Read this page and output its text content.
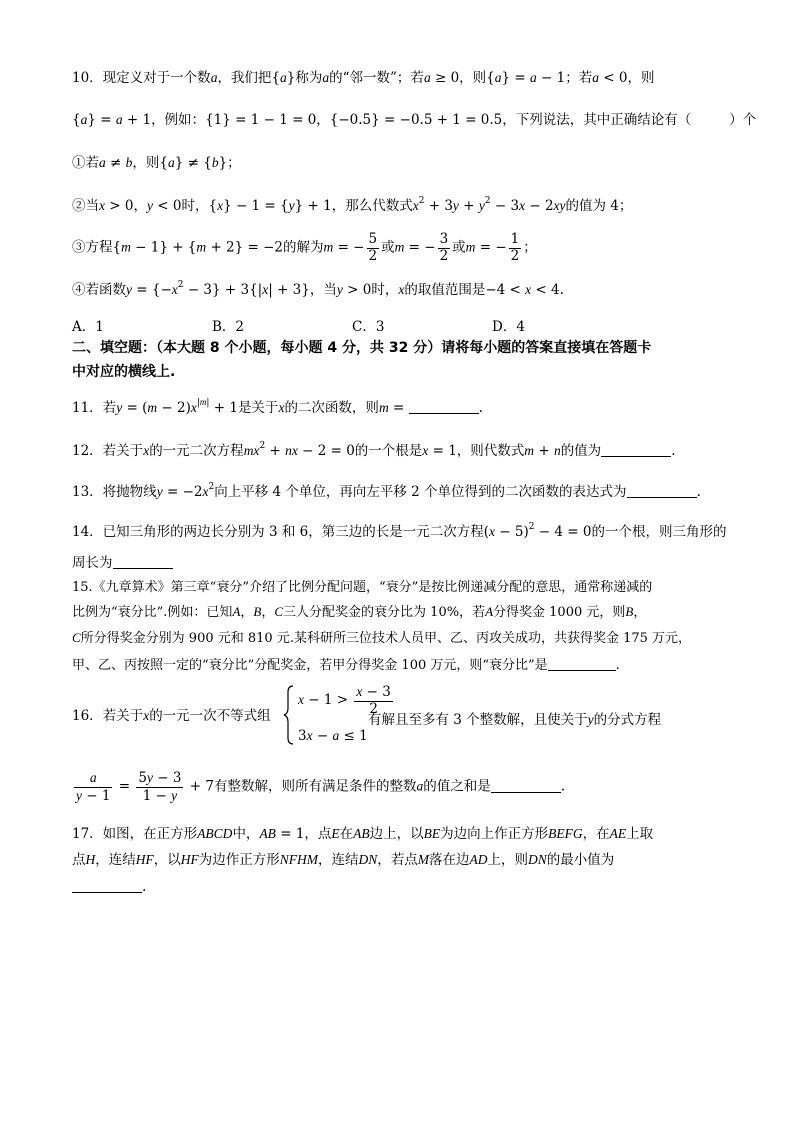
10．现定义对于一个数a，我们把{a}称为a的“邻一数”；若a ≥ 0，则{a} = a − 1；若a < 0，则
{a} = a + 1，例如：{1} = 1 − 1 = 0，{−0.5} = −0.5 + 1 = 0.5，下列说法，其中正确结论有（	）个
①若a ≠ b，则{a} ≠ {b}；
②当x > 0，y < 0时，{x} − 1 = {y} + 1，那么代数式$x^2 + 3y + y^2 - 3x - 2xy$的值为 4；
③方程{m − 1} + {m + 2} = −2的解为m = − $\frac{5}{2}$ 或m = − $\frac{3}{2}$ 或m = − $\frac{1}{2}$ ；
④若函数$y = \{-x^2 - 3\} + 3\{|x| + 3\}$，当y > 0时，x的取值范围是−4 < x < 4.
A．1	B．2	C．3	D．4
二、填空题：（本大题 8 个小题，每小题 4 分，共 32 分）请将每小题的答案直接填在答题卡
中对应的横线上.
11．若$y = (m - 2)x^{|m|} + 1$是关于x的二次函数，则m =	.
12．若关于x的一元二次方程$mx^2$ + nx − 2 = 0的一个根是x = 1，则代数式m + n的值为	.
13．将抛物线$y = -2x^2$向上平移 4 个单位，再向左平移 2 个单位得到的二次函数的表达式为	.
14．已知三角形的两边长分别为 3 和 6，第三边的长是一元二次方程$(x - 5)^2 - 4 = 0$的一个根，则三角形的
周长为
15.《九章算术》第三章“衰分”介绍了比例分配问题，“衰分”是按比例递减分配的意思，通常称递减的
比例为“衰分比”.例如：已知A，B，C三人分配奖金的衰分比为 10%，若A分得奖金 1000 元，则B，
C所分得奖金分别为 900 元和 810 元.某科研所三位技术人员甲、乙、丙攻关成功，共获得奖金 175 万元，
甲、乙、丙按照一定的“衰分比”分配奖金，若甲分得奖金 100 万元，则“衰分比”是	.
16．若关于x的一元一次不等式组
$x - 1 > \frac{x - 3}{2}$
3x − a ≤ 1
有解且至多有 3 个整数解，且使关于y的分式方程
$\frac{a}{y - 1} = \frac{5y - 3}{1 - y} + 7$有整数解，则所有满足条件的整数a的值之和是	.
17．如图，在正方形ABCD中，AB = 1，点E在AB边上，以BE为边向上作正方形BEFG，在AE上取
点H，连结HF，以HF为边作正方形NFHM，连结DN，若点M落在边AD上，则DN的最小值为
.
